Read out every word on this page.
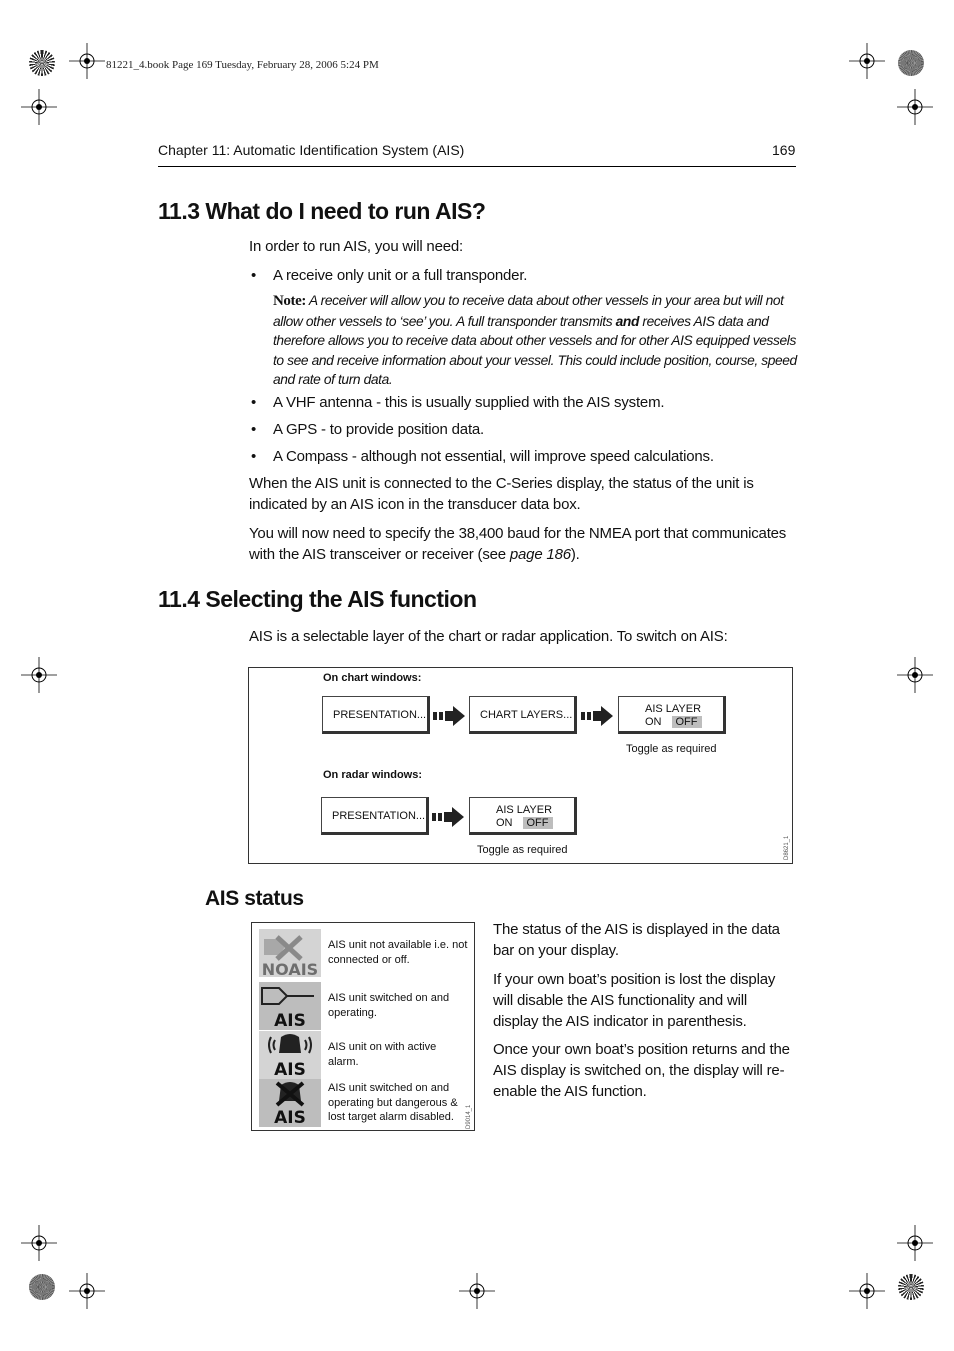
81221_4.book Page 169 Tuesday, February 28, 2006 5:24 PM
Chapter 11: Automatic Identification System (AIS)	169
11.3 What do I need to run AIS?

In order to run AIS, you will need:

• A receive only unit or a full transponder.

Note: A receiver will allow you to receive data about other vessels in your area but will not allow other vessels to ‘see’ you. A full transponder transmits and receives AIS data and therefore allows you to receive data about other vessels and for other AIS equipped vessels to see and receive information about your vessel. This could include position, course, speed and rate of turn data.

• A VHF antenna - this is usually supplied with the AIS system.
• A GPS - to provide position data.
• A Compass - although not essential, will improve speed calculations.

When the AIS unit is connected to the C-Series display, the status of the unit is indicated by an AIS icon in the transducer data box.

You will now need to specify the 38,400 baud for the NMEA port that communicates with the AIS transceiver or receiver (see page 186).

11.4 Selecting the AIS function

AIS is a selectable layer of the chart or radar application. To switch on AIS:

On chart windows:
PRESENTATION...	CHART LAYERS...	AIS LAYER
ON OFF
Toggle as required
On radar windows:
PRESENTATION...	AIS LAYER
ON OFF
Toggle as required	D8621_1
AIS status
NOAIS
AIS unit not available i.e. not connected or off.
AIS
AIS unit switched on and operating.
AIS
AIS unit on with active alarm.
AIS
AIS unit switched on and operating but dangerous & lost target alarm disabled.	D9014_1

The status of the AIS is displayed in the data bar on your display.

If your own boat’s position is lost the display will disable the AIS functionality and will display the AIS indicator in parenthesis.

Once your own boat’s position returns and the AIS display is switched on, the display will re-enable the AIS function.
